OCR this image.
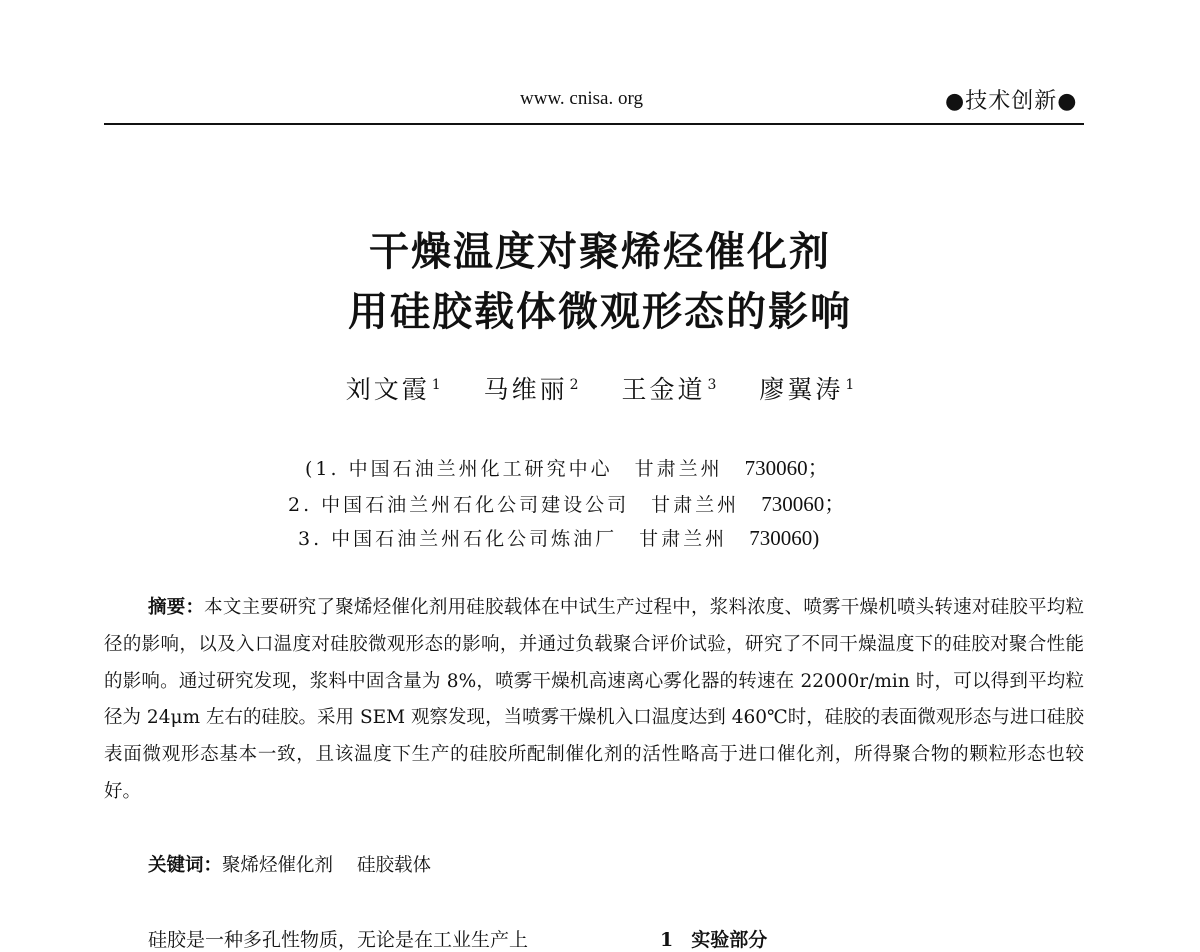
www. cnisa. org	●技术创新●
干燥温度对聚烯烃催化剂
用硅胶载体微观形态的影响
刘文霞 $^1$ 马维丽 $^2$ 王金道 $^3$ 廖翼涛 $^1$
(1. 中国石油兰州化工研究中心　甘肃兰州　 730060；
2. 中国石油兰州石化公司建设公司　甘肃兰州　 730060；
3. 中国石油兰州石化公司炼油厂　甘肃兰州　 730060)
摘要：本文主要研究了聚烯烃催化剂用硅胶载体在中试生产过程中，浆料浓度、喷雾干燥机喷头转速对硅胶平均粒径的影响，以及入口温度对硅胶微观形态的影响，并通过负载聚合评价试验，研究了不同干燥温度下的硅胶对聚合性能的影响。通过研究发现，浆料中固含量为 8%，喷雾干燥机高速离心雾化器的转速在 22000r/min 时，可以得到平均粒径为 24μm 左右的硅胶。采用 SEM 观察发现，当喷雾干燥机入口温度达到 460℃时，硅胶的表面微观形态与进口硅胶表面微观形态基本一致，且该温度下生产的硅胶所配制催化剂的活性略高于进口催化剂，所得聚合物的颗粒形态也较好。
关键词：聚烯烃催化剂 硅胶载体
硅胶是一种多孔性物质，无论是在工业生产上	1 实验部分
